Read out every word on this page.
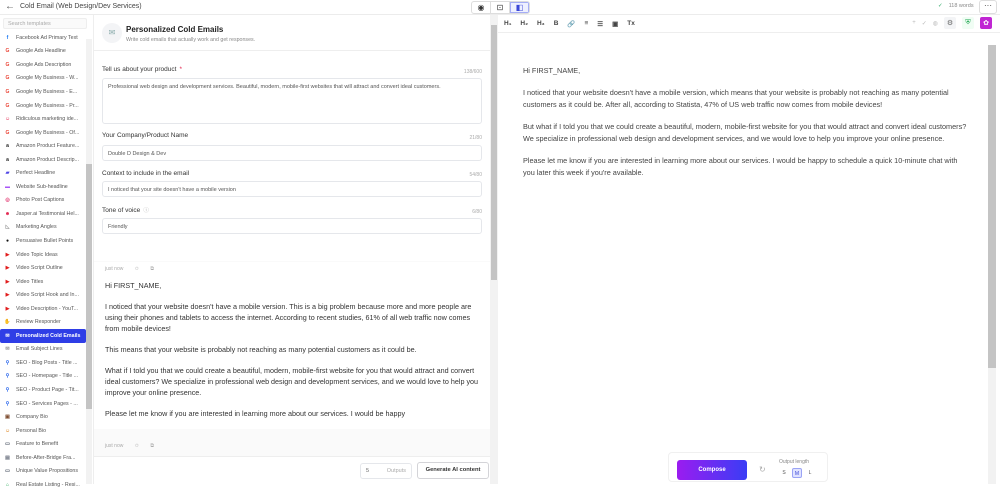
← Cold Email (Web Design/Dev Services)	◉	⊡	◧	✓ 118 words	···
Search templates
f	Facebook Ad Primary Text
G Google Ads Headline
G Google Ads Description
G Google My Business - W...
G Google My Business - E...
G Google My Business - Pr...
☺ Ridiculous marketing ide...
G Google My Business - Of...
a	Amazon Product Feature...
a	Amazon Product Descrip...
▰ Perfect Headline
▬ Website Sub-headline
◎ Photo Post Captions
☻ Jasper.ai Testimonial Hel...
◺ Marketing Angles
●	Persuasive Bullet Points
▶ Video Topic Ideas
▶ Video Script Outline
▶ Video Titles
▶ Video Script Hook and In...
▶ Video Description - YouT...
✋ Review Responder
✉ Personalized Cold Emails
✉ Email Subject Lines
⚲	SEO - Blog Posts - Title ...
⚲	SEO - Homepage - Title ...
⚲	SEO - Product Page - Tit...
⚲	SEO - Services Pages - ...
▣ Company Bio
☺ Personal Bio
▭ Feature to Benefit
▤ Before-After-Bridge Fra...
▭ Unique Value Propositions
⌂	Real Estate Listing - Resi...
✉	Personalized Cold Emails
Write cold emails that actually work and get responses.
Tell us about your product *	138/600
Professional web design and development services. Beautiful, modern, mobile-first websites that will attract and convert ideal customers.
Your Company/Product Name	21/80
Double D Design & Dev
Context to include in the email	54/80
I noticed that your site doesn't have a mobile version
Tone of voice ⓘ	6/80
Friendly
just now ✩ ⧉

Hi FIRST_NAME,

I noticed that your website doesn't have a mobile version. This is a big problem because more and more people are using their phones and tablets to access the internet. According to recent studies, 61% of all web traffic now comes from mobile devices!

This means that your website is probably not reaching as many potential customers as it could be.

What if I told you that we could create a beautiful, modern, mobile-first website for you that would attract and convert ideal customers? We specialize in professional web design and development services, and we would love to help you improve your online presence.

Please let me know if you are interested in learning more about our services. I would be happy

just now ✩ ⧉
5	Outputs	Generate AI content
H₁ H₂ H₃ B 🔗 ≡ ☰ ▣ Tx	+ ✓ ◍	⚙	⛨	✿

Hi FIRST_NAME,

I noticed that your website doesn't have a mobile version, which means that your website is probably not reaching as many potential customers as it could be. After all, according to Statista, 47% of US web traffic now comes from mobile devices!

But what if I told you that we could create a beautiful, modern, mobile-first website for you that would attract and convert ideal customers? We specialize in professional web design and development services, and we would love to help you improve your online presence.

Please let me know if you are interested in learning more about our services. I would be happy to schedule a quick 10-minute chat with you later this week if you're available.

Compose	↻
Output length
S	M	L
